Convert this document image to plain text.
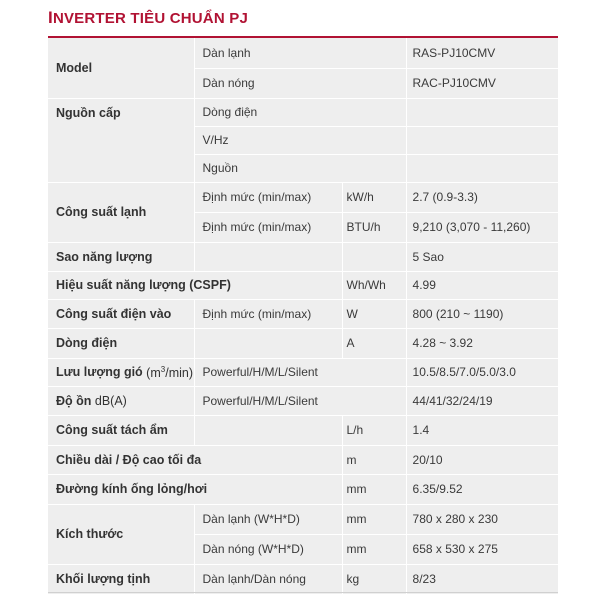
INVERTER TIÊU CHUẨN PJ
Model	Dàn lạnh		RAS-PJ10CMV
	Dàn nóng		RAC-PJ10CMV
Nguồn cấp	Dòng điện		
	V/Hz		
	Nguồn		
Công suất lạnh	Định mức (min/max)	kW/h	2.7 (0.9-3.3)
	Định mức (min/max)	BTU/h	9,210 (3,070 - 11,260)
Sao năng lượng			5 Sao
Hiệu suất năng lượng (CSPF)		Wh/Wh	4.99
Công suất điện vào	Định mức (min/max)	W	800 (210 ~ 1190)
Dòng điện		A	4.28 ~ 3.92
Lưu lượng gió $(m^3/\min)$	Powerful/H/M/L/Silent		10.5/8.5/7.0/5.0/3.0
Độ ồn dB(A)	Powerful/H/M/L/Silent		44/41/32/24/19
Công suất tách ẩm		L/h	1.4
Chiều dài / Độ cao tối đa		m	20/10
Đường kính ống lỏng/hơi		mm	6.35/9.52
Kích thước	Dàn lạnh (W*H*D)	mm	780 x 280 x 230
	Dàn nóng (W*H*D)	mm	658 x 530 x 275
Khối lượng tịnh	Dàn lạnh/Dàn nóng	kg	8/23
